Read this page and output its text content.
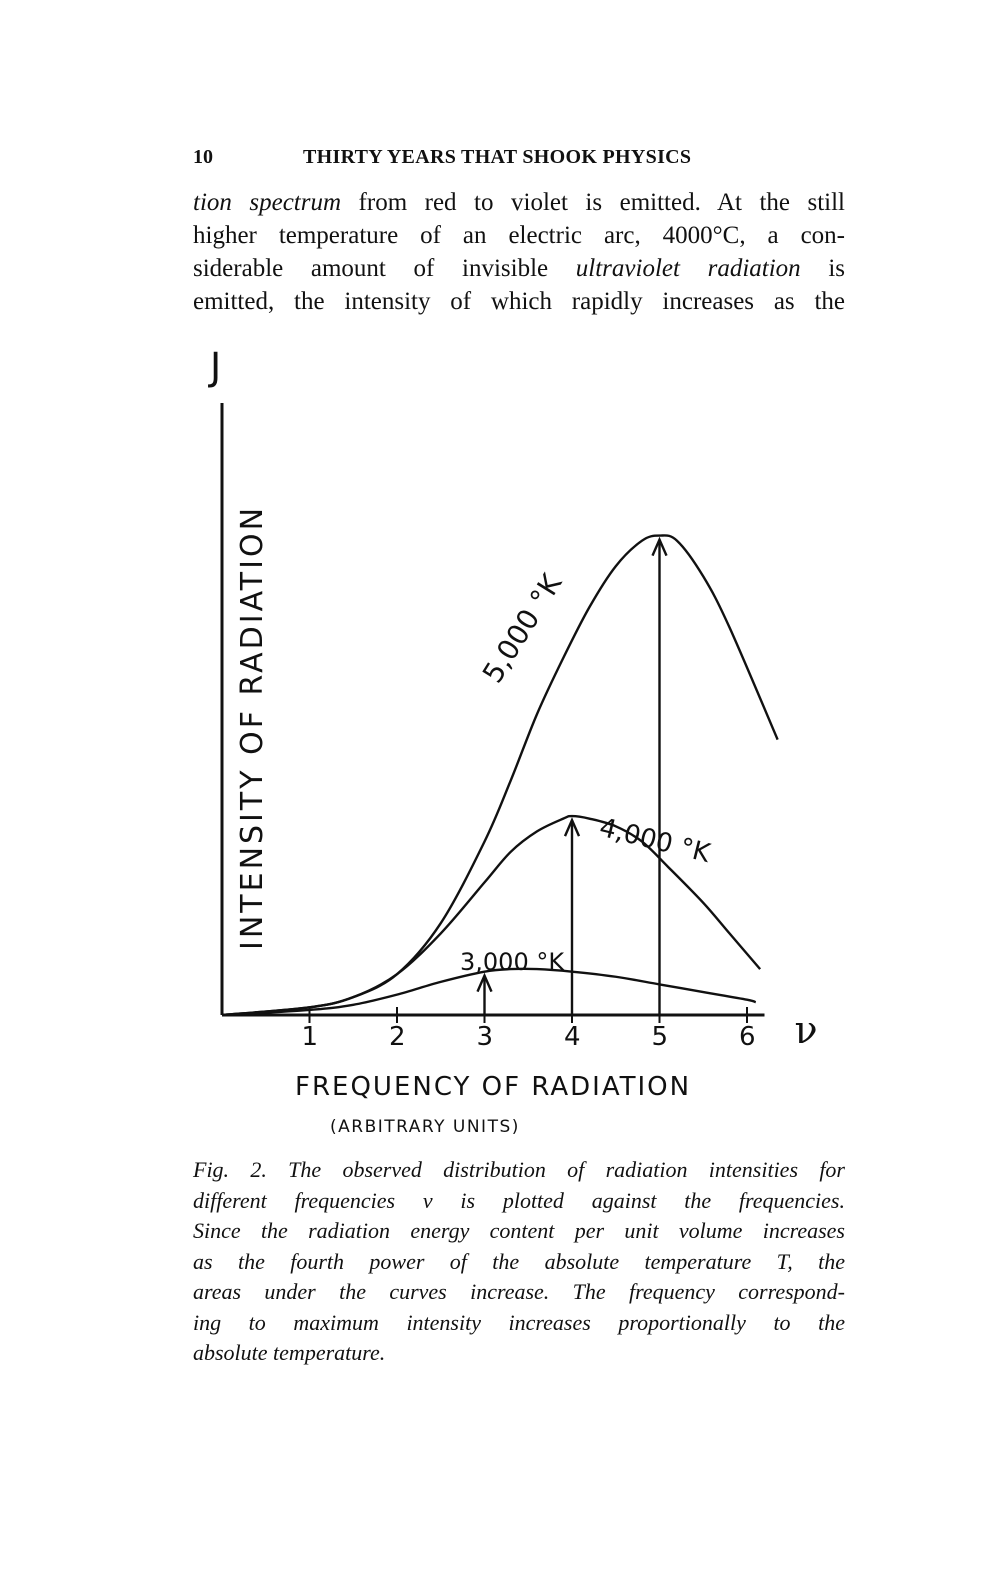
10	THIRTY YEARS THAT SHOOK PHYSICS
tion spectrum from red to violet is emitted. At the still
higher temperature of an electric arc, 4000°C, a con-
siderable amount of invisible ultraviolet radiation is
emitted, the intensity of which rapidly increases as the
J
INTENSITY OF RADIATION
1	2	3	4	5	6 ν
FREQUENCY OF RADIATION
(ARBITRARY UNITS)
5,000 °K
4,000 °K
3,000 °K
Fig. 2. The observed distribution of radiation intensities for
different frequencies ν is plotted against the frequencies.
Since the radiation energy content per unit volume increases
as the fourth power of the absolute temperature T, the
areas under the curves increase. The frequency correspond-
ing to maximum intensity increases proportionally to the
absolute temperature.
